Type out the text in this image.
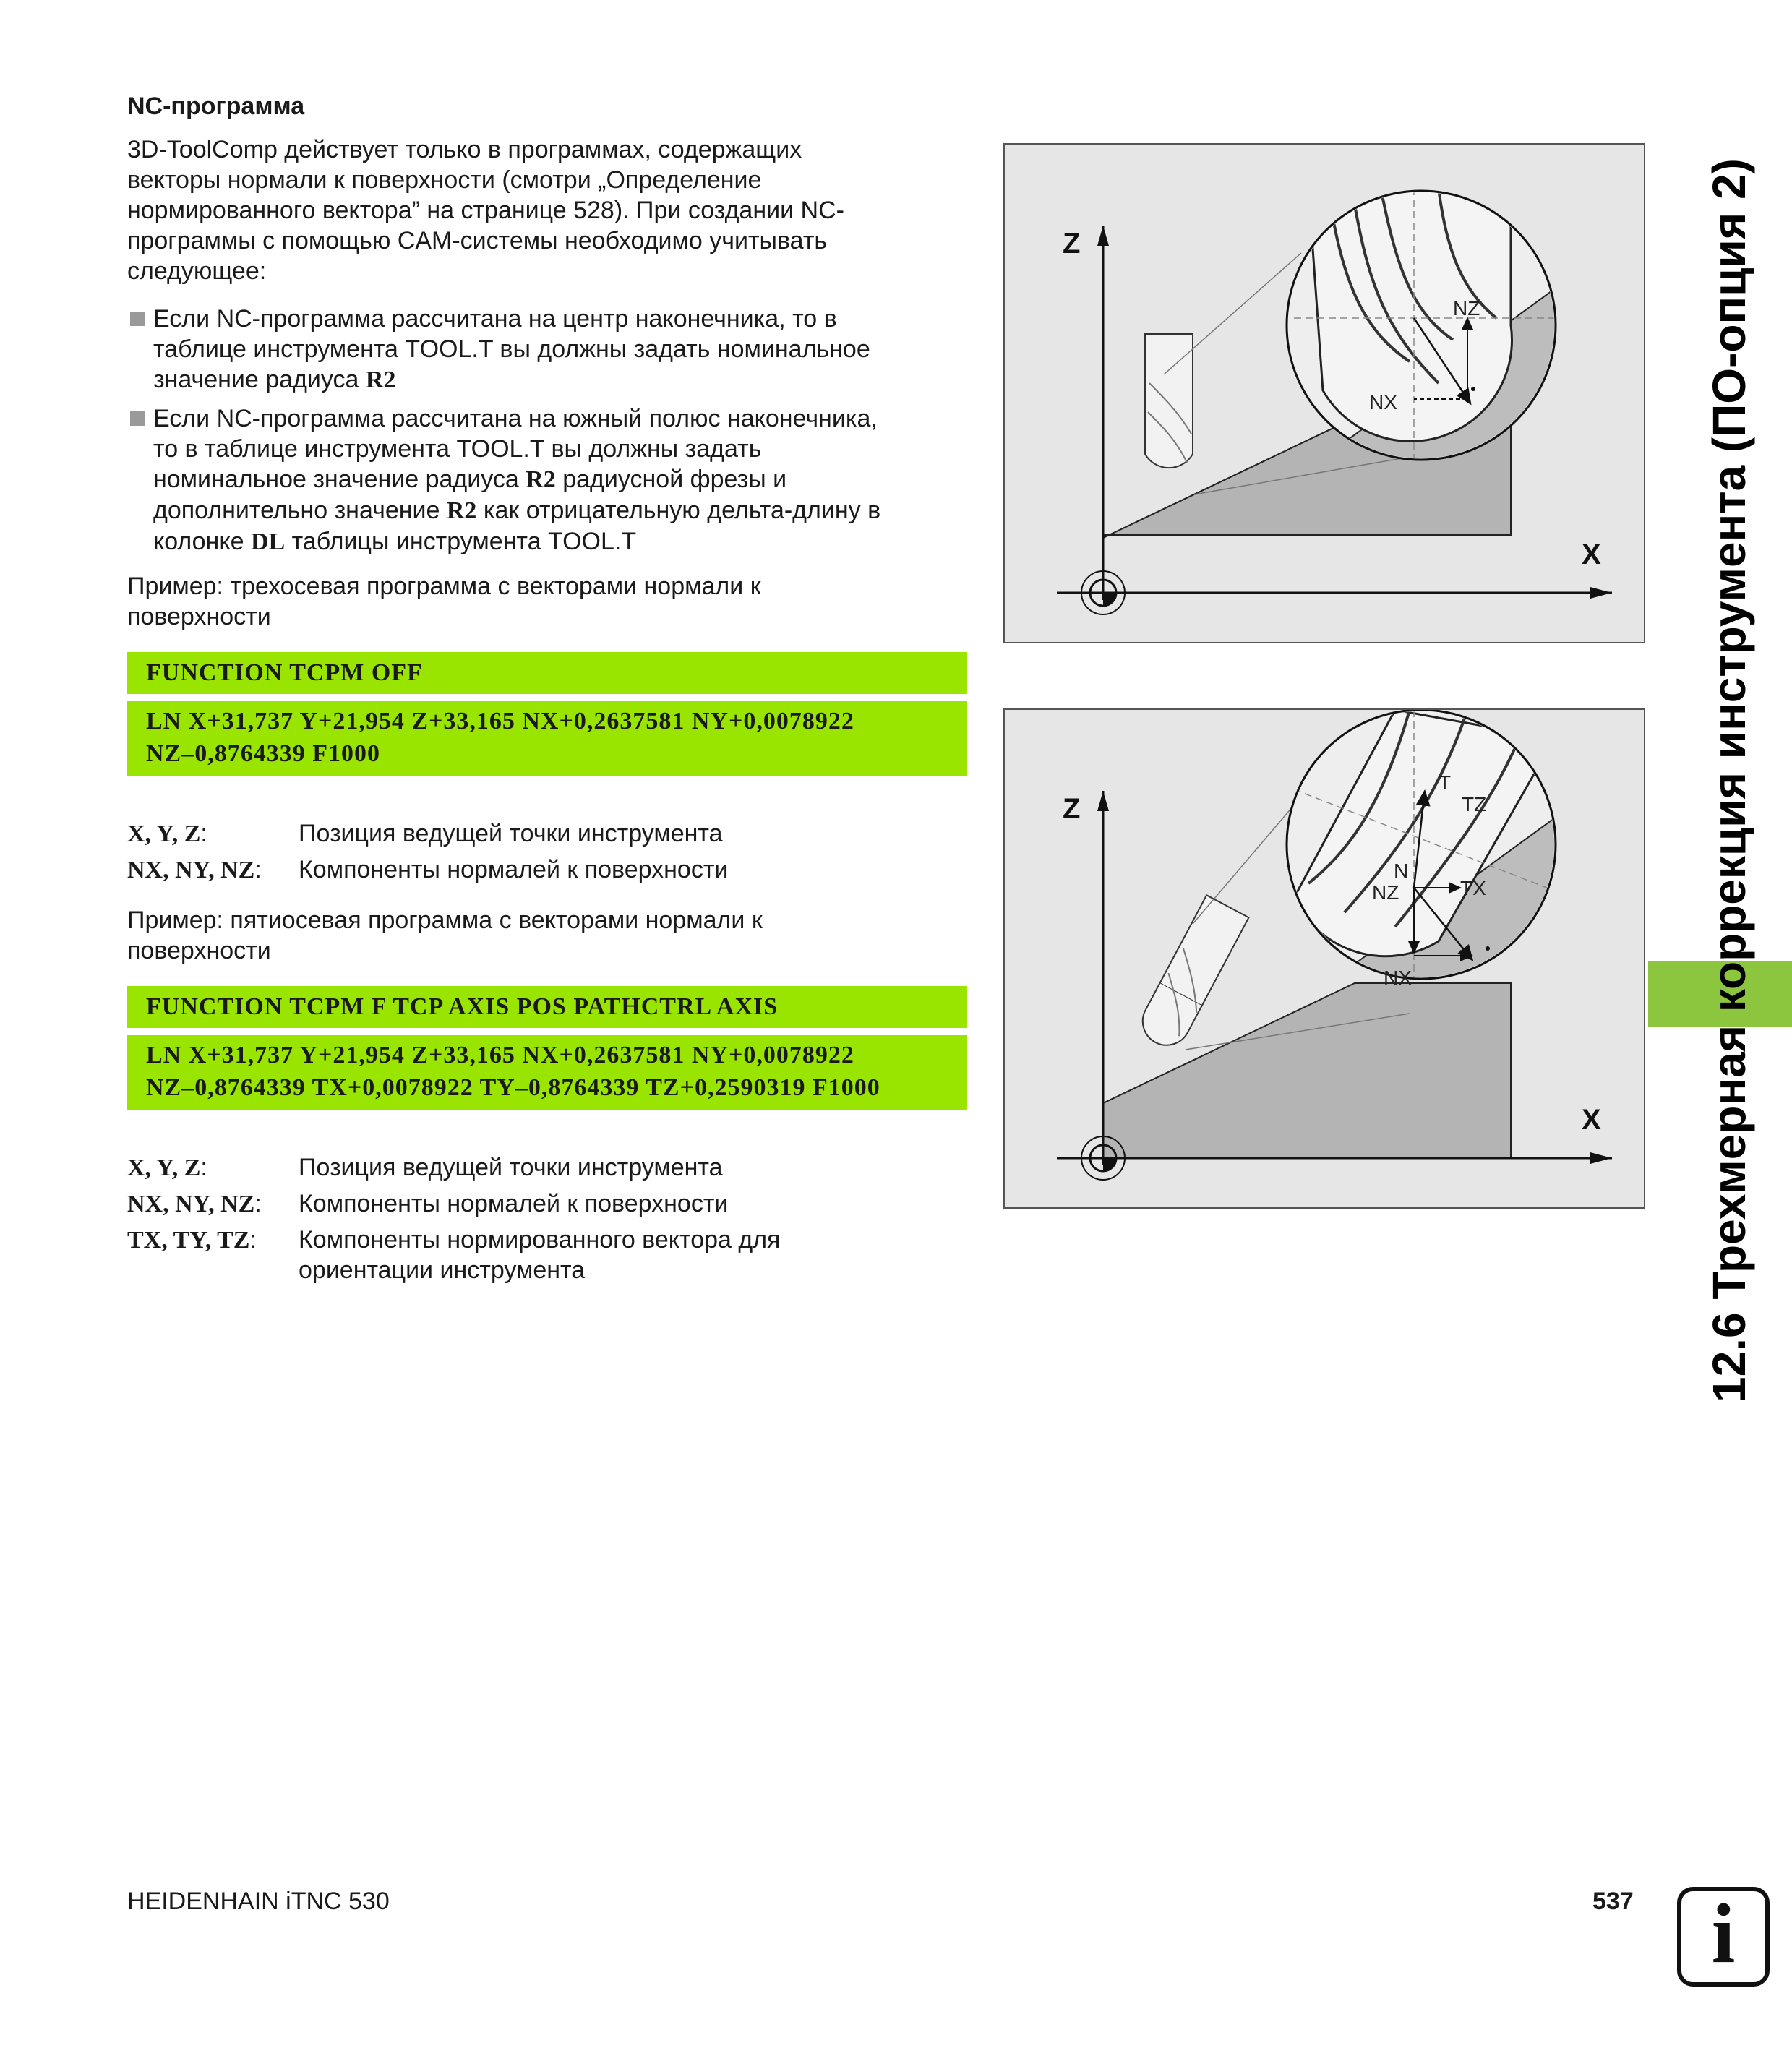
NC-программа
3D-ToolComp действует только в программах, содержащих
векторы нормали к поверхности (смотри „Определение
нормированного вектора” на странице 528). При создании NC-
программы с помощью CAM-системы необходимо учитывать
следующее:
Если NC-программа рассчитана на центр наконечника, то в
таблице инструмента TOOL.T вы должны задать номинальное
значение радиуса R2
Если NC-программа рассчитана на южный полюс наконечника,
то в таблице инструмента TOOL.T вы должны задать
номинальное значение радиуса R2 радиусной фрезы и
дополнительно значение R2 как отрицательную дельта-длину в
колонке DL таблицы инструмента TOOL.T
Пример: трехосевая программа с векторами нормали к
поверхности
FUNCTION TCPM OFF
LN X+31,737 Y+21,954 Z+33,165 NX+0,2637581 NY+0,0078922
NZ–0,8764339 F1000
X, Y, Z:	Позиция ведущей точки инструмента
NX, NY, NZ: Компоненты нормалей к поверхности
Пример: пятиосевая программа с векторами нормали к
поверхности
FUNCTION TCPM F TCP AXIS POS PATHCTRL AXIS
LN X+31,737 Y+21,954 Z+33,165 NX+0,2637581 NY+0,0078922
NZ–0,8764339 TX+0,0078922 TY–0,8764339 TZ+0,2590319 F1000
X, Y, Z:	Позиция ведущей точки инструмента
NX, NY, NZ: Компоненты нормалей к поверхности
TX, TY, TZ: Компоненты нормированного вектора для
ориентации инструмента
Z
X
NZ
NX
Z
X
T
TZ
N
NZ	TX
NX	12.6 Трехмерная коррекция инструмента (ПО-опция 2)
HEIDENHAIN iTNC 530	537 i
